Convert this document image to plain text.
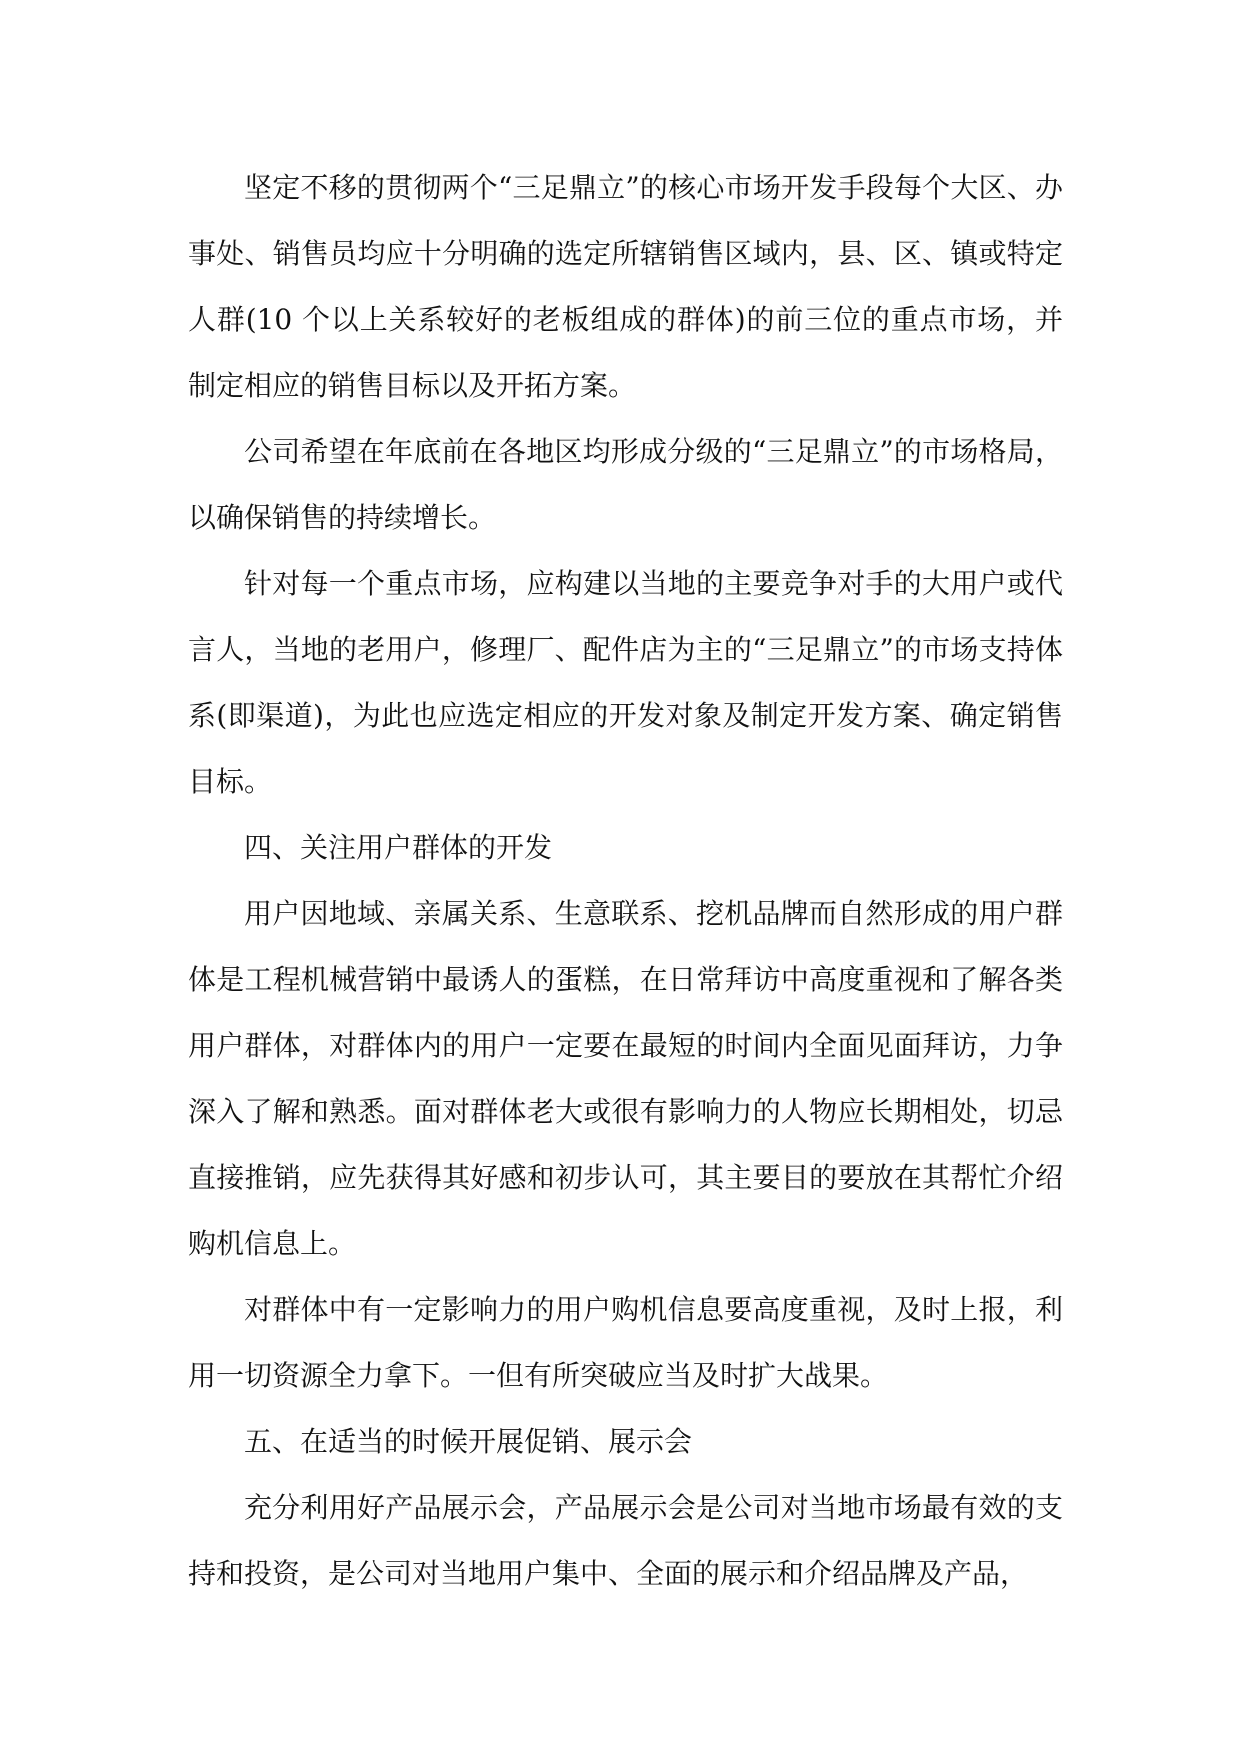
坚定不移的贯彻两个“三足鼎立”的核心市场开发手段每个大区、办事处、销售员均应十分明确的选定所辖销售区域内，县、区、镇或特定人群(10 个以上关系较好的老板组成的群体)的前三位的重点市场，并制定相应的销售目标以及开拓方案。

公司希望在年底前在各地区均形成分级的“三足鼎立”的市场格局，以确保销售的持续增长。

针对每一个重点市场，应构建以当地的主要竞争对手的大用户或代言人，当地的老用户，修理厂、配件店为主的“三足鼎立”的市场支持体系(即渠道)，为此也应选定相应的开发对象及制定开发方案、确定销售目标。

四、关注用户群体的开发

用户因地域、亲属关系、生意联系、挖机品牌而自然形成的用户群体是工程机械营销中最诱人的蛋糕，在日常拜访中高度重视和了解各类用户群体，对群体内的用户一定要在最短的时间内全面见面拜访，力争深入了解和熟悉。面对群体老大或很有影响力的人物应长期相处，切忌直接推销，应先获得其好感和初步认可，其主要目的要放在其帮忙介绍购机信息上。

对群体中有一定影响力的用户购机信息要高度重视，及时上报，利用一切资源全力拿下。一但有所突破应当及时扩大战果。

五、在适当的时候开展促销、展示会

充分利用好产品展示会，产品展示会是公司对当地市场最有效的支持和投资，是公司对当地用户集中、全面的展示和介绍品牌及产品，
